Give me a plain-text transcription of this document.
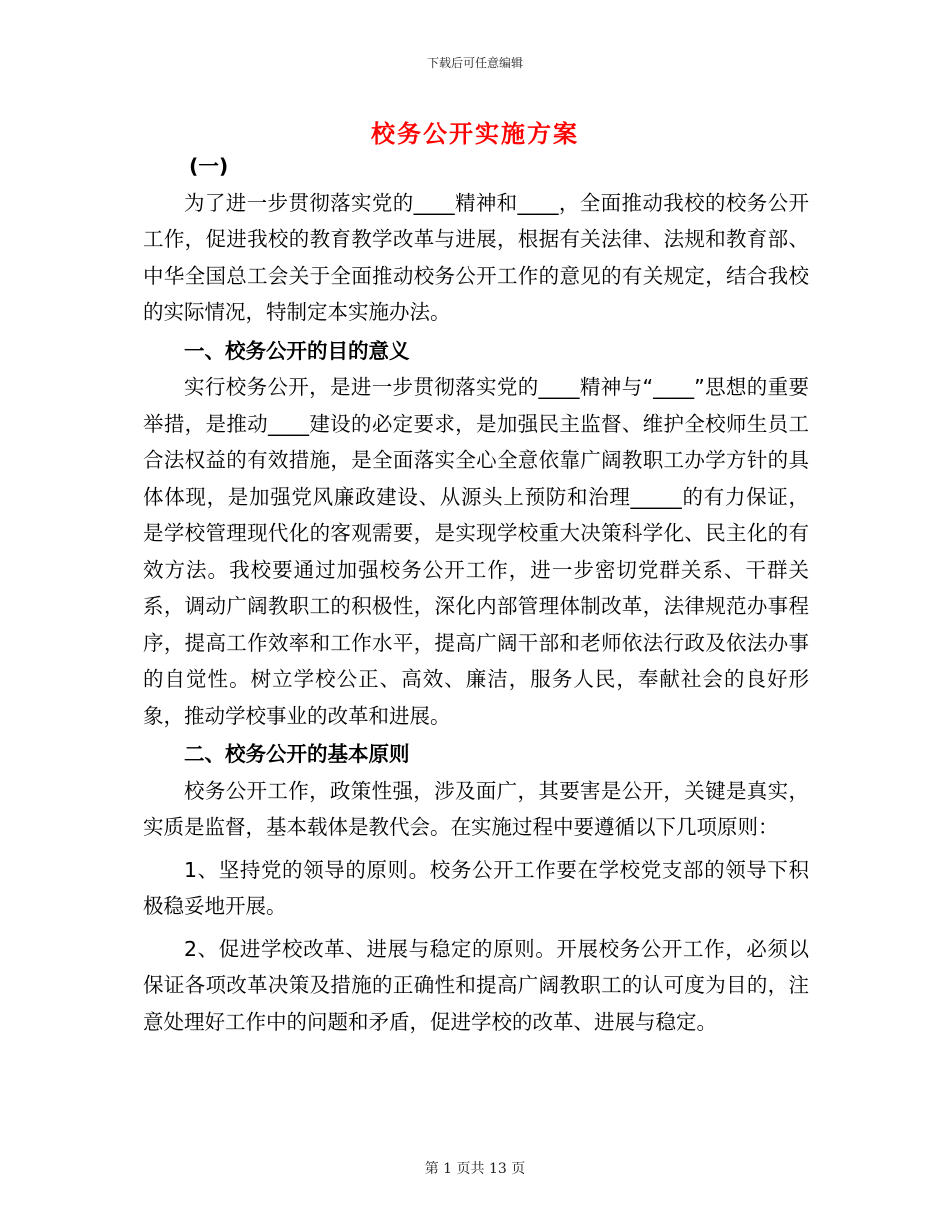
下载后可任意编辑
校务公开实施方案

(一)

为了进一步贯彻落实党的____精神和____，全面推动我校的校务公开工作，促进我校的教育教学改革与进展，根据有关法律、法规和教育部、中华全国总工会关于全面推动校务公开工作的意见的有关规定，结合我校的实际情况，特制定本实施办法。

一、校务公开的目的意义

实行校务公开，是进一步贯彻落实党的____精神与“____”思想的重要举措，是推动____建设的必定要求，是加强民主监督、维护全校师生员工合法权益的有效措施，是全面落实全心全意依靠广阔教职工办学方针的具体体现，是加强党风廉政建设、从源头上预防和治理_____的有力保证，是学校管理现代化的客观需要，是实现学校重大决策科学化、民主化的有效方法。我校要通过加强校务公开工作，进一步密切党群关系、干群关系，调动广阔教职工的积极性，深化内部管理体制改革，法律规范办事程序，提高工作效率和工作水平，提高广阔干部和老师依法行政及依法办事的自觉性。树立学校公正、高效、廉洁，服务人民，奉献社会的良好形象，推动学校事业的改革和进展。

二、校务公开的基本原则

校务公开工作，政策性强，涉及面广，其要害是公开，关键是真实，实质是监督，基本载体是教代会。在实施过程中要遵循以下几项原则：

1、坚持党的领导的原则。校务公开工作要在学校党支部的领导下积极稳妥地开展。

2、促进学校改革、进展与稳定的原则。开展校务公开工作，必须以保证各项改革决策及措施的正确性和提高广阔教职工的认可度为目的，注意处理好工作中的问题和矛盾，促进学校的改革、进展与稳定。

第 1 页共 13 页
